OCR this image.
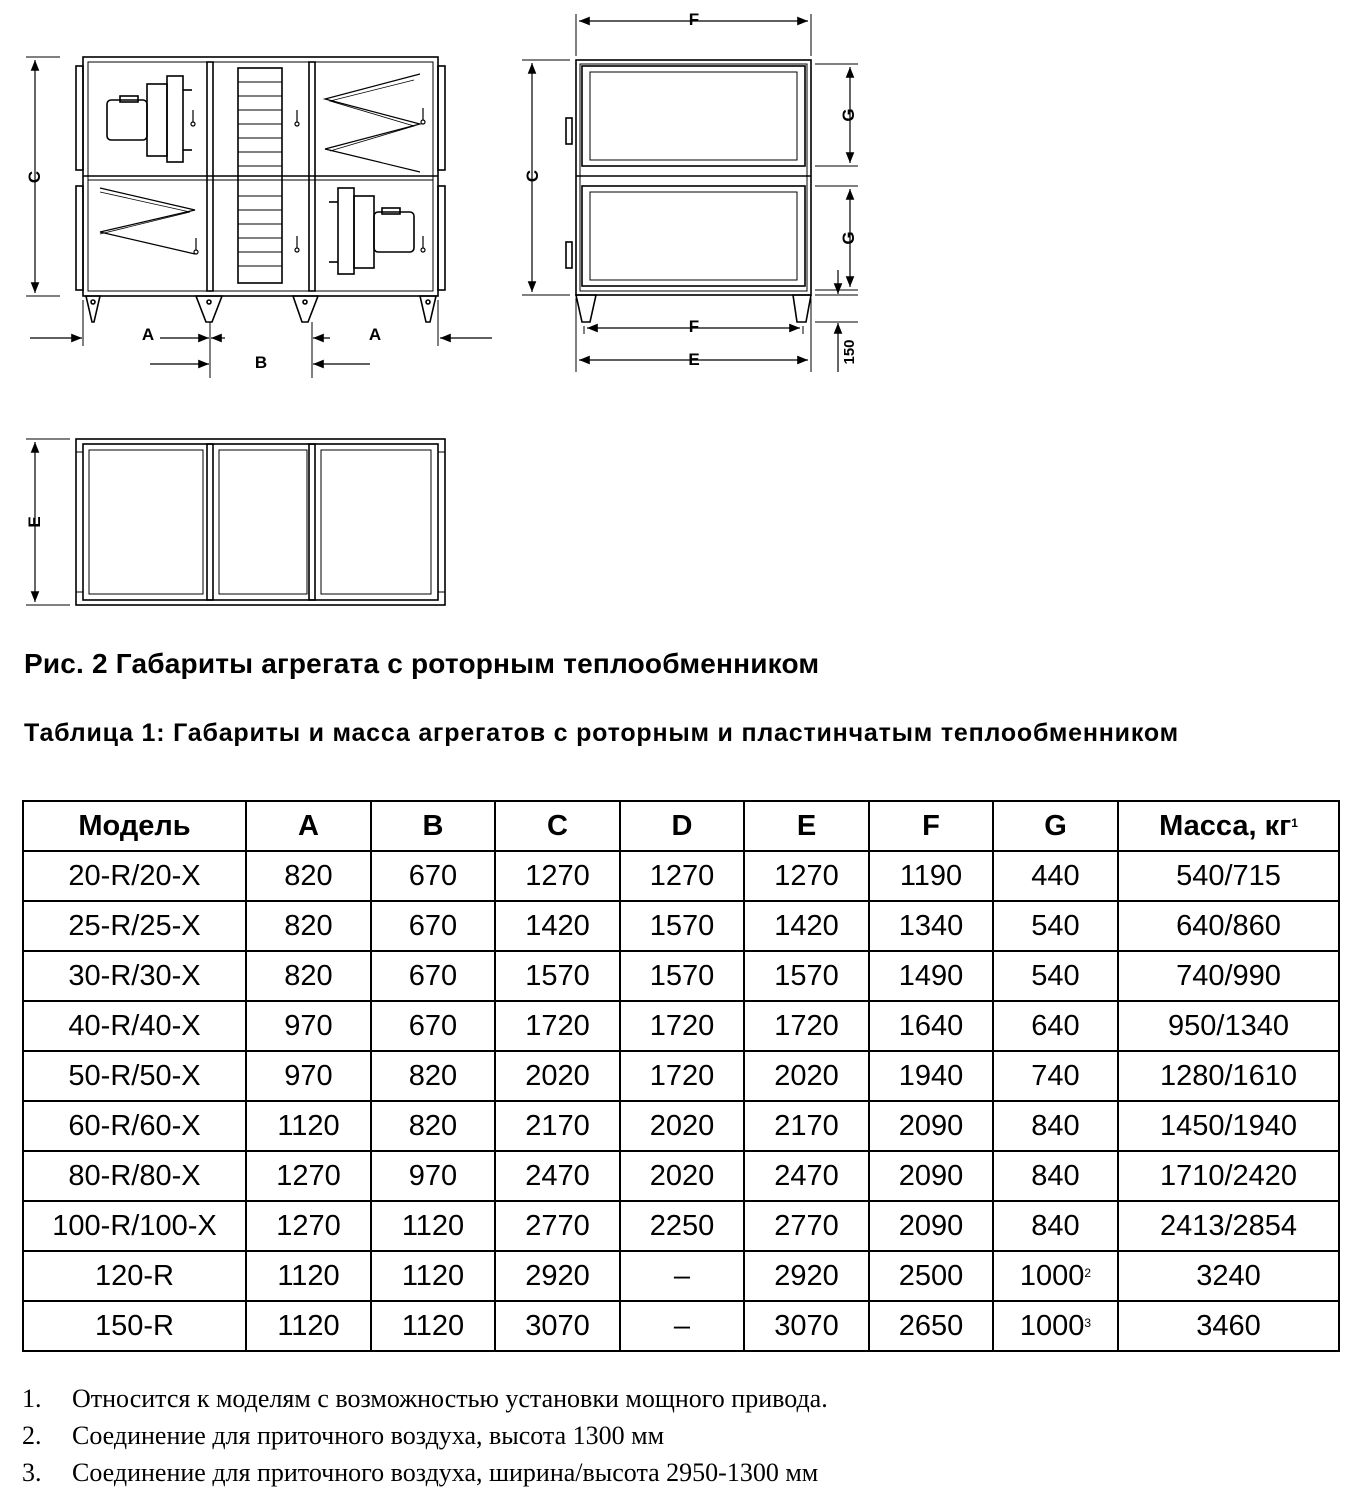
C
A
B
A
F
C
G
G
F
E	150
E
Рис. 2 Габариты агрегата с роторным теплообменником
Таблица 1: Габариты и масса агрегатов с роторным и пластинчатым теплообменником
Модель	A	B	C	D	E	F	G	Масса, кг$^1$
20-R/20-X	820	670	1270	1270	1270	1190	440	540/715
25-R/25-X	820	670	1420	1570	1420	1340	540	640/860
30-R/30-X	820	670	1570	1570	1570	1490	540	740/990
40-R/40-X	970	670	1720	1720	1720	1640	640	950/1340
50-R/50-X	970	820	2020	1720	2020	1940	740	1280/1610
60-R/60-X	1120	820	2170	2020	2170	2090	840	1450/1940
80-R/80-X	1270	970	2470	2020	2470	2090	840	1710/2420
100-R/100-X	1270	1120	2770	2250	2770	2090	840	2413/2854
120-R	1120	1120	2920	–	2920	2500	1000$^2$	3240
150-R	1120	1120	3070	–	3070	2650	1000$^3$	3460
1. Относится к моделям с возможностью установки мощного привода.
2. Соединение для приточного воздуха, высота 1300 мм
3. Соединение для приточного воздуха, ширина/высота 2950-1300 мм
